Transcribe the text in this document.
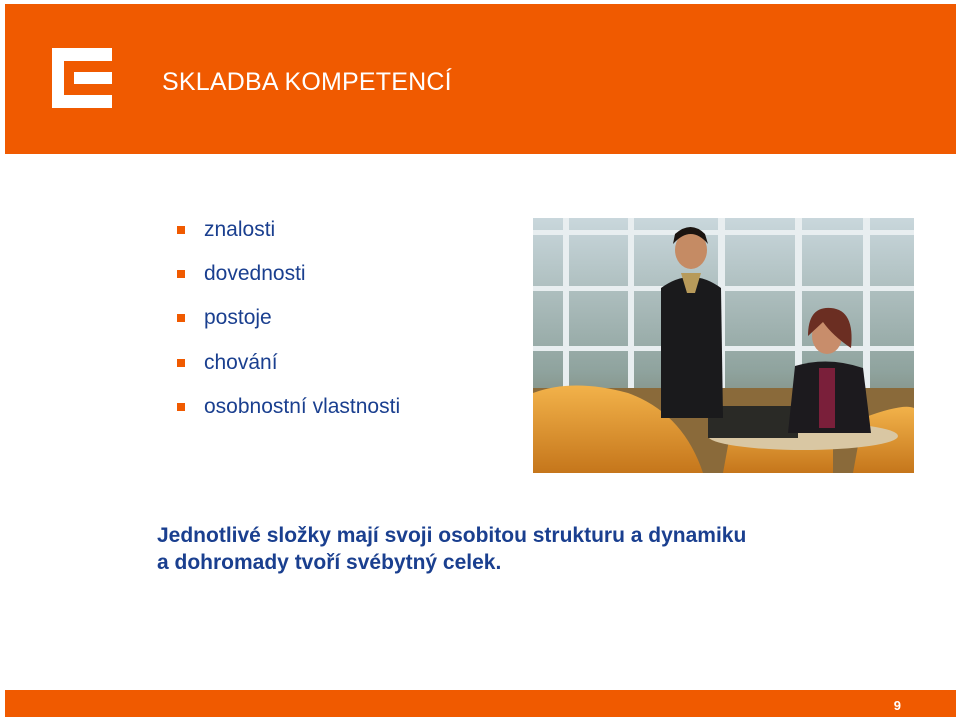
SKLADBA KOMPETENCÍ
znalosti
dovednosti
postoje
chování
osobnostní vlastnosti
Jednotlivé složky mají svoji osobitou strukturu a dynamiku
a dohromady tvoří svébytný celek.
9
